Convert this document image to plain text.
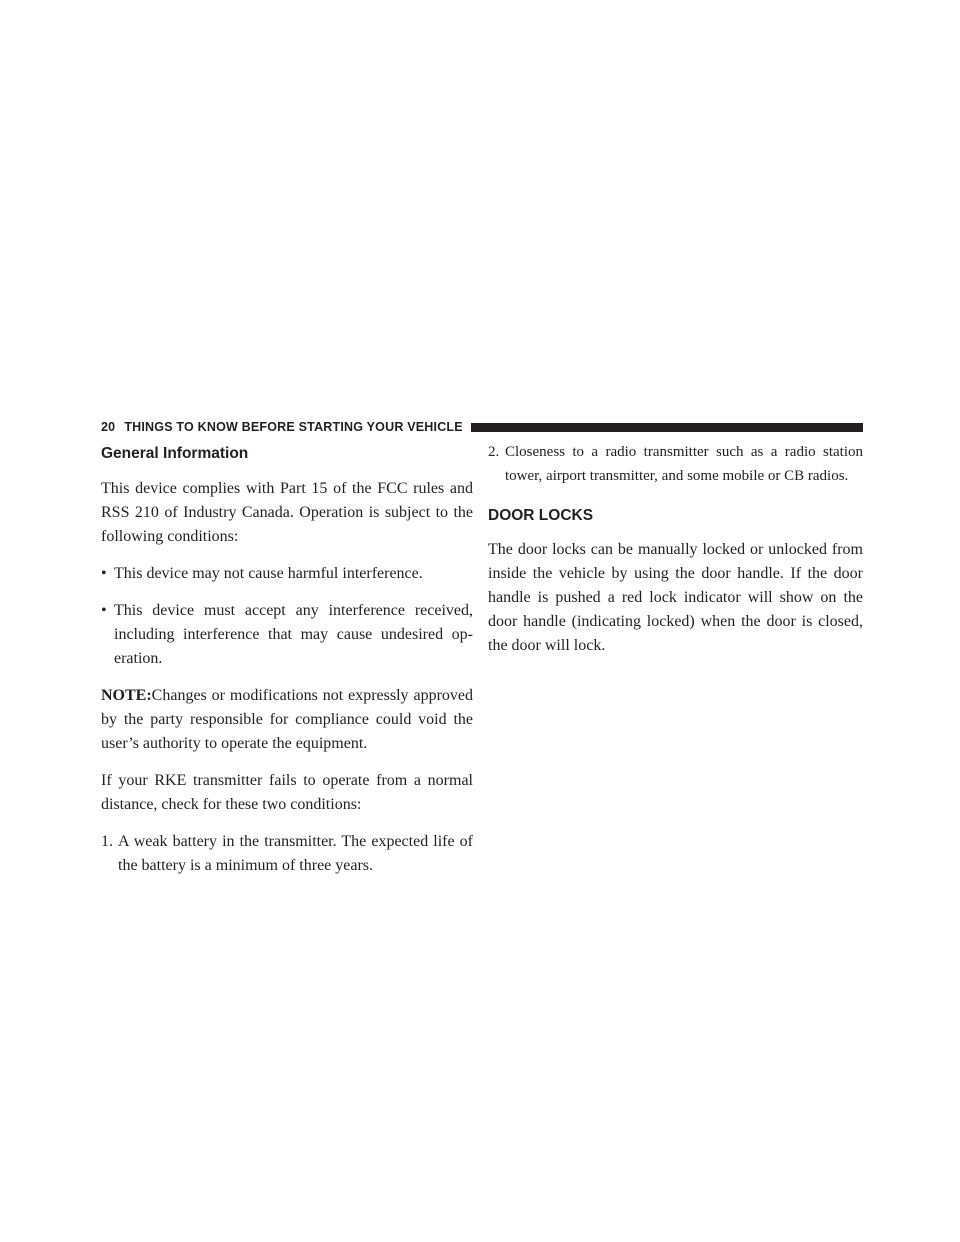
20 THINGS TO KNOW BEFORE STARTING YOUR VEHICLE
General Information

This device complies with Part 15 of the FCC rules and RSS 210 of Industry Canada. Operation is subject to the following conditions:

• This device may not cause harmful interference.
• This device must accept any interference received, including interference that may cause undesired op-eration.

NOTE:Changes or modifications not expressly approved by the party responsible for compliance could void the user’s authority to operate the equipment.

If your RKE transmitter fails to operate from a normal distance, check for these two conditions:

1. A weak battery in the transmitter. The expected life of the battery is a minimum of three years.
2. Closeness to a radio transmitter such as a radio station tower, airport transmitter, and some mobile or CB radios.
DOOR LOCKS

The door locks can be manually locked or unlocked from inside the vehicle by using the door handle. If the door handle is pushed a red lock indicator will show on the door handle (indicating locked) when the door is closed, the door will lock.
